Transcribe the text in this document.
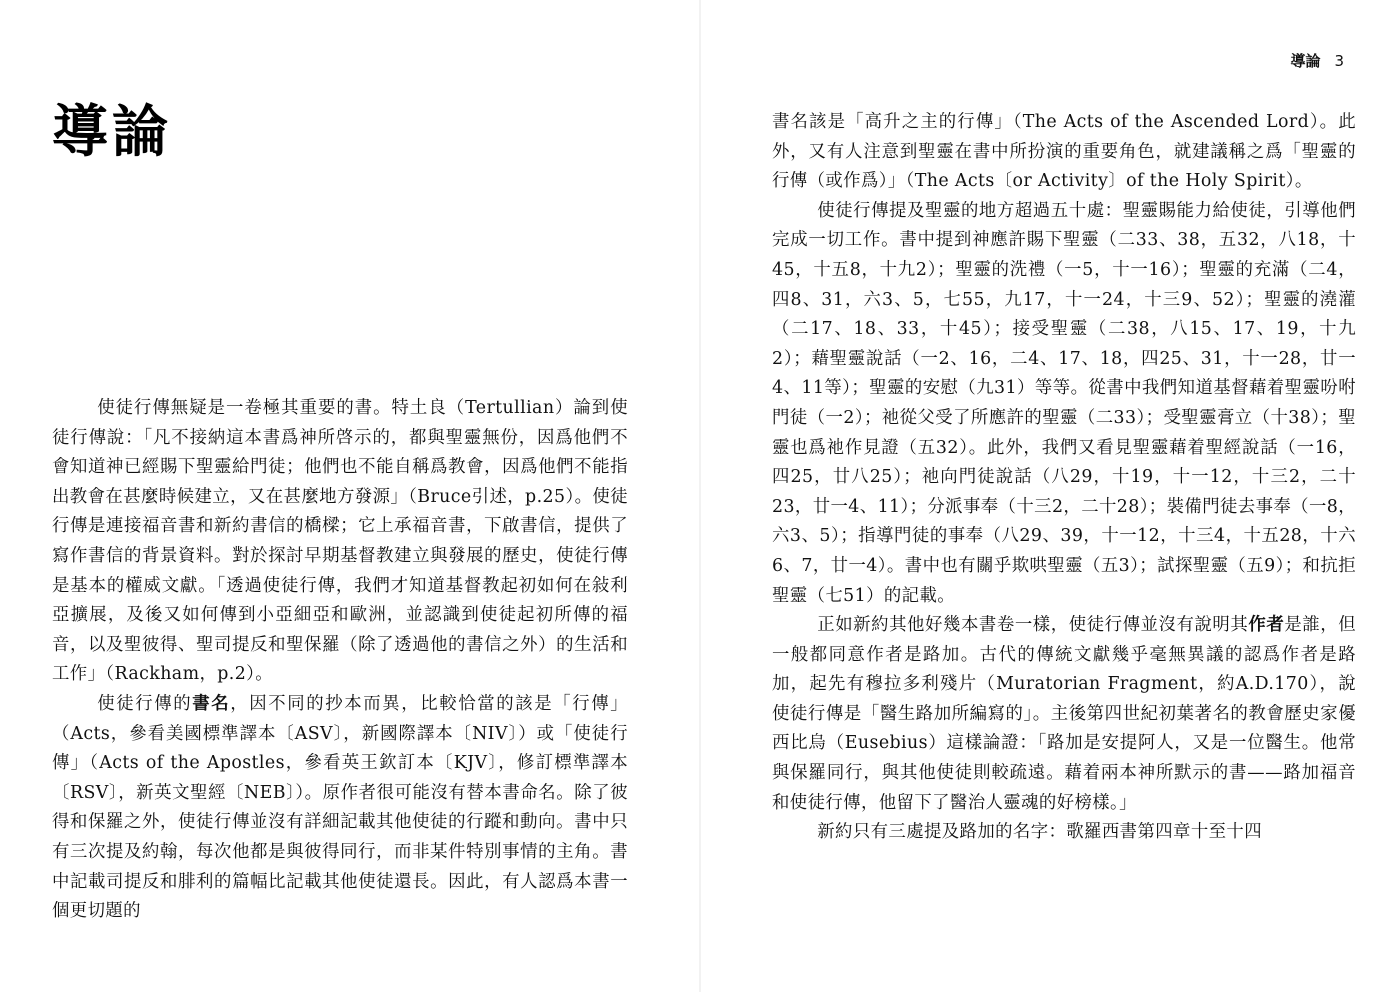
導論

使徒行傳無疑是一卷極其重要的書。特土良（Tertullian）論到使徒行傳說：「凡不接納這本書爲神所啓示的，都與聖靈無份，因爲他們不會知道神已經賜下聖靈給門徒；他們也不能自稱爲教會，因爲他們不能指出教會在甚麼時候建立，又在甚麼地方發源」（Bruce引述，p.25）。使徒行傳是連接福音書和新約書信的橋樑；它上承福音書，下啟書信，提供了寫作書信的背景資料。對於探討早期基督教建立與發展的歷史，使徒行傳是基本的權威文獻。「透過使徒行傳，我們才知道基督教起初如何在敍利亞擴展，及後又如何傳到小亞細亞和歐洲，並認識到使徒起初所傳的福音，以及聖彼得、聖司提反和聖保羅（除了透過他的書信之外）的生活和工作」（Rackham，p.2）。

使徒行傳的書名，因不同的抄本而異，比較恰當的該是「行傳」（Acts，參看美國標準譯本〔ASV〕，新國際譯本〔NIV〕）或「使徒行傳」（Acts of the Apostles，參看英王欽訂本〔KJV〕，修訂標準譯本〔RSV〕，新英文聖經〔NEB〕）。原作者很可能沒有替本書命名。除了彼得和保羅之外，使徒行傳並沒有詳細記載其他使徒的行蹤和動向。書中只有三次提及約翰，每次他都是與彼得同行，而非某件特別事情的主角。書中記載司提反和腓利的篇幅比記載其他使徒還長。因此，有人認爲本書一個更切題的

導論 3

書名該是「高升之主的行傳」（The Acts of the Ascended Lord）。此外，又有人注意到聖靈在書中所扮演的重要角色，就建議稱之爲「聖靈的行傳（或作爲）」（The Acts〔or Activity〕of the Holy Spirit）。

使徒行傳提及聖靈的地方超過五十處：聖靈賜能力給使徒，引導他們完成一切工作。書中提到神應許賜下聖靈（二33、38，五32，八18，十45，十五8，十九2）；聖靈的洗禮（一5，十一16）；聖靈的充滿（二4，四8、31，六3、5，七55，九17，十一24，十三9、52）；聖靈的澆灌（二17、18、33，十45）；接受聖靈（二38，八15、17、19，十九2）；藉聖靈說話（一2、16，二4、17、18，四25、31，十一28，廿一4、11等）；聖靈的安慰（九31）等等。從書中我們知道基督藉着聖靈吩咐門徒（一2）；祂從父受了所應許的聖靈（二33）；受聖靈膏立（十38）；聖靈也爲祂作見證（五32）。此外，我們又看見聖靈藉着聖經說話（一16，四25，廿八25）；祂向門徒說話（八29，十19，十一12，十三2，二十23，廿一4、11）；分派事奉（十三2，二十28）；裝備門徒去事奉（一8，六3、5）；指導門徒的事奉（八29、39，十一12，十三4，十五28，十六6、7，廿一4）。書中也有關乎欺哄聖靈（五3）；試探聖靈（五9）；和抗拒聖靈（七51）的記載。

正如新約其他好幾本書卷一樣，使徒行傳並沒有說明其作者是誰，但一般都同意作者是路加。古代的傳統文獻幾乎毫無異議的認爲作者是路加，起先有穆拉多利殘片（Muratorian Fragment，約A.D.170），說使徒行傳是「醫生路加所編寫的」。主後第四世紀初葉著名的教會歷史家優西比烏（Eusebius）這樣論證：「路加是安提阿人，又是一位醫生。他常與保羅同行，與其他使徒則較疏遠。藉着兩本神所默示的書——路加福音和使徒行傳，他留下了醫治人靈魂的好榜樣。」

新約只有三處提及路加的名字：歌羅西書第四章十至十四
